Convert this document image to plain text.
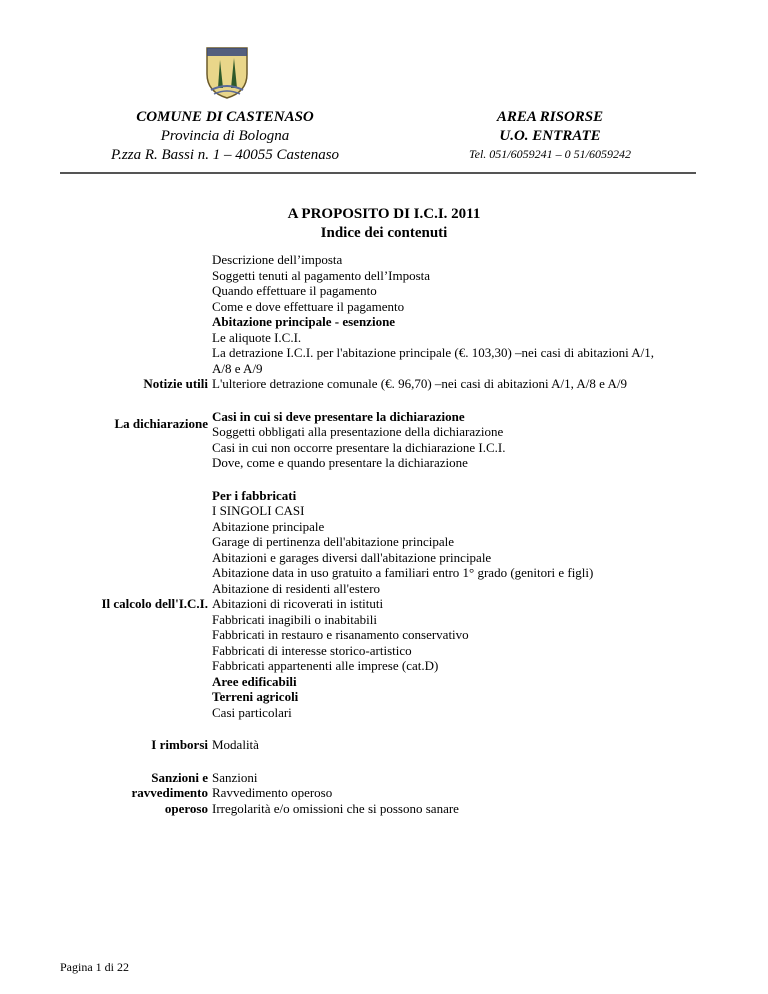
COMUNE DI CASTENASO
Provincia di Bologna
P.zza R. Bassi n. 1 – 40055 Castenaso
AREA RISORSE
U.O. ENTRATE
Tel. 051/6059241 – 0 51/6059242
A PROPOSITO DI I.C.I. 2011
Indice dei contenuti
Notizie utili
Descrizione dell’imposta
Soggetti tenuti al pagamento dell’Imposta
Quando effettuare il pagamento
Come e dove effettuare il pagamento
Abitazione principale - esenzione
Le aliquote I.C.I.
La detrazione I.C.I. per l'abitazione principale (€. 103,30) –nei casi di abitazioni A/1, A/8 e A/9
L'ulteriore detrazione comunale (€. 96,70) –nei casi di abitazioni A/1, A/8 e A/9
La dichiarazione Casi in cui si deve presentare la dichiarazione
Soggetti obbligati alla presentazione della dichiarazione
Casi in cui non occorre presentare la dichiarazione I.C.I.
Dove, come e quando presentare la dichiarazione
Il calcolo dell'I.C.I.
Per i fabbricati
I SINGOLI CASI
Abitazione principale
Garage di pertinenza dell'abitazione principale
Abitazioni e garages diversi dall'abitazione principale
Abitazione data in uso gratuito a familiari entro 1° grado (genitori e figli)
Abitazione di residenti all'estero
Abitazioni di ricoverati in istituti
Fabbricati inagibili o inabitabili
Fabbricati in restauro e risanamento conservativo
Fabbricati di interesse storico-artistico
Fabbricati appartenenti alle imprese (cat.D)
Aree edificabili
Terreni agricoli
Casi particolari
I rimborsi Modalità
Sanzioni e ravvedimento operoso
Sanzioni
Ravvedimento operoso
Irregolarità e/o omissioni che si possono sanare
Pagina 1 di 22
